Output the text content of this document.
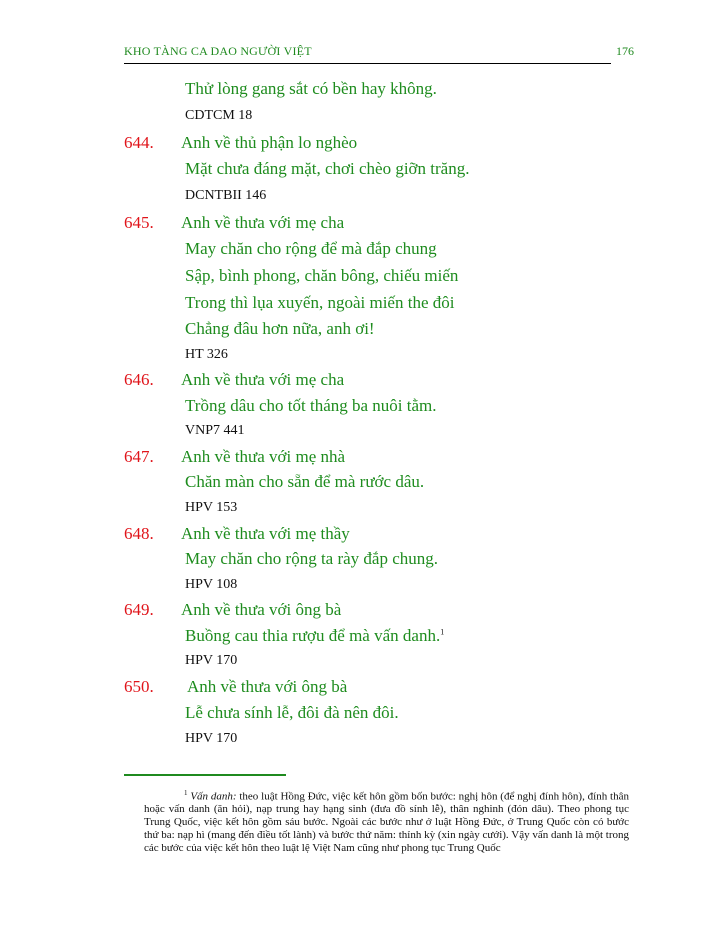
KHO TÀNG CA DAO NGƯỜI VIỆT	176
Thử lòng gang sắt có bền hay không.
CDTCM 18
644. Anh về thủ phận lo nghèo
Mặt chưa đáng mặt, chơi chèo giỡn trăng.
DCNTBII 146
645. Anh về thưa với mẹ cha
May chăn cho rộng để mà đắp chung
Sập, bình phong, chăn bông, chiếu miến
Trong thì lụa xuyến, ngoài miến the đôi
Chẳng đâu hơn nữa, anh ơi!
HT 326
646. Anh về thưa với mẹ cha
Trồng dâu cho tốt tháng ba nuôi tằm.
VNP7 441
647. Anh về thưa với mẹ nhà
Chăn màn cho sẵn để mà rước dâu.
HPV 153
648. Anh về thưa với mẹ thầy
May chăn cho rộng ta rày đắp chung.
HPV 108
649. Anh về thưa với ông bà
Buồng cau thia rượu để mà vấn danh.$^1$
HPV 170
650. Anh về thưa với ông bà
Lễ chưa sính lễ, đôi đà nên đôi.
HPV 170
$^1$ Vấn danh: theo luật Hồng Đức, việc kết hôn gồm bốn bước: nghị hôn (để nghị đính hôn), đính thân hoặc vấn danh (ăn hỏi), nạp trung hay hạng sinh (đưa đồ sính lễ), thân nghinh (đón dâu). Theo phong tục Trung Quốc, việc kết hôn gồm sáu bước. Ngoài các bước như ở luật Hồng Đức, ở Trung Quốc còn có bước thứ ba: nạp hì (mang đến điều tốt lành) và bước thứ năm: thỉnh kỳ (xin ngày cưới). Vậy vấn danh là một trong các bước của việc kết hôn theo luật lệ Việt Nam cũng như phong tục Trung Quốc
